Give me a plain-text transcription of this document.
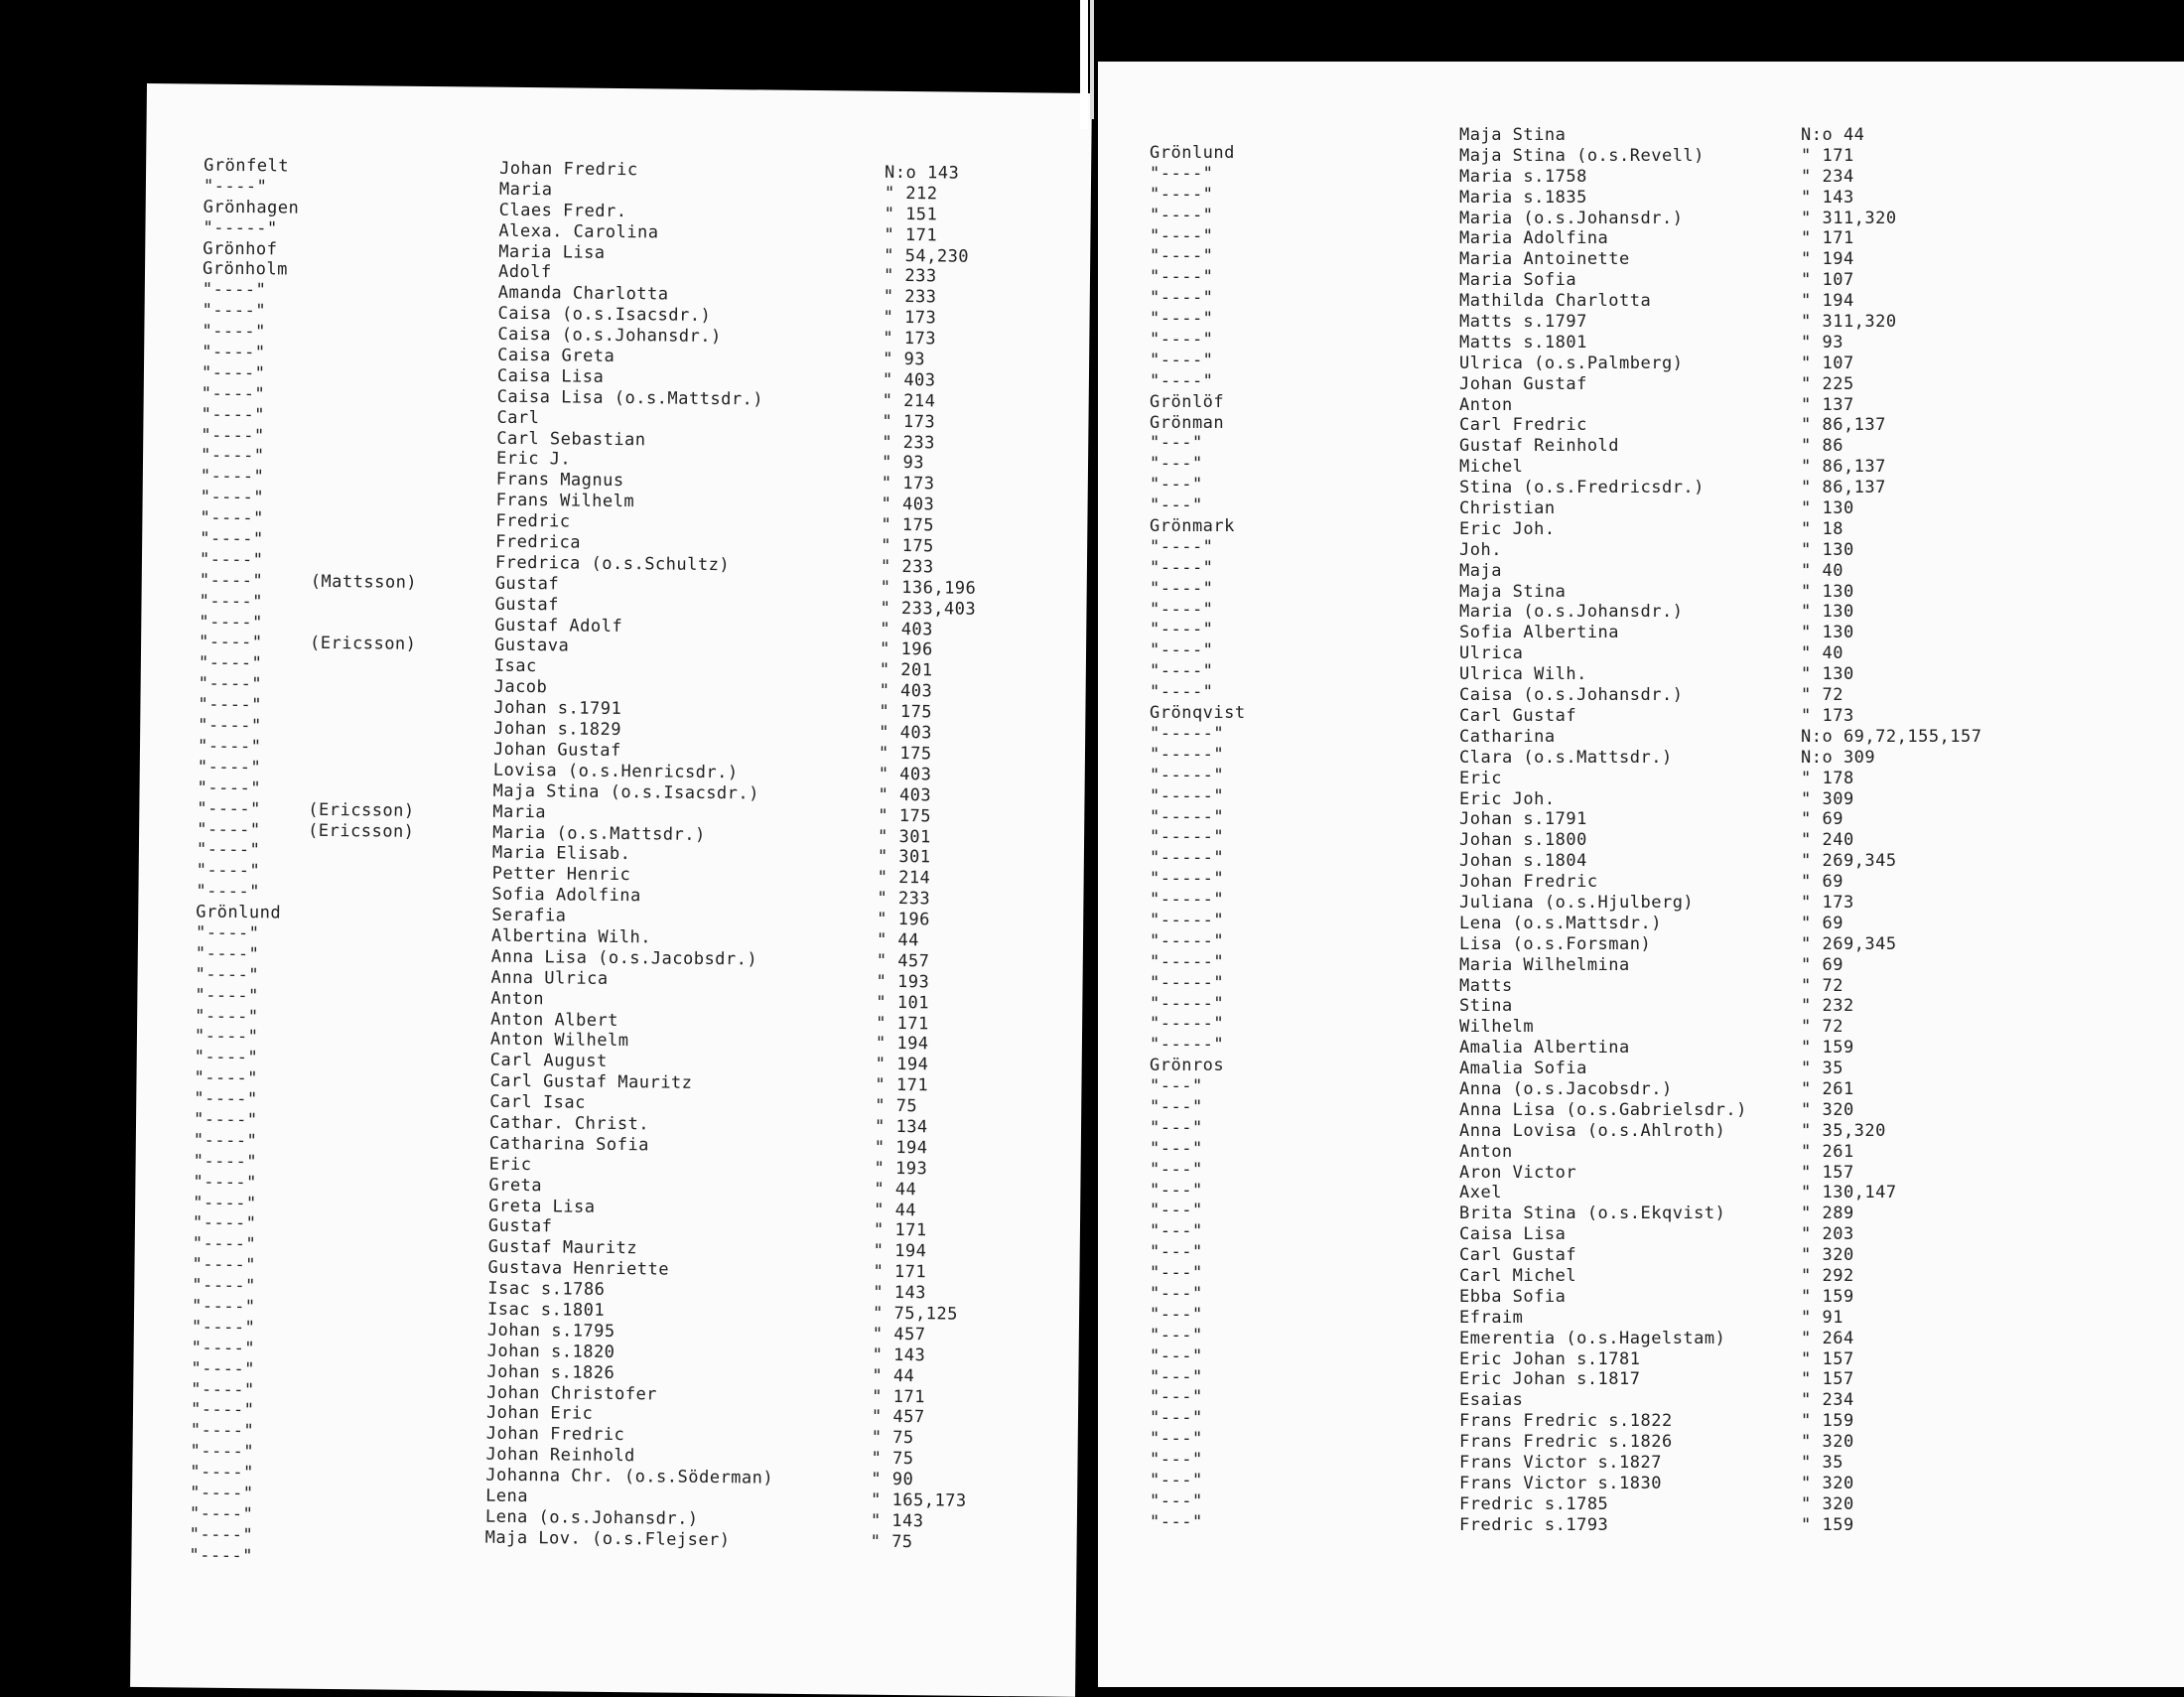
Grönfelt
"----"
Grönhagen
"-----"
Grönhof
Grönholm
"----"
"----"
"----"
"----"
"----"
"----"
"----"
"----"
"----"
"----"
"----"
"----"
"----"
"----"
"----"
"----"
"----"
"----"
"----"
"----"
"----"
"----"
"----"
"----"
"----"
"----"
"----"
"----"
"----"
"----"
Grönlund
"----"
"----"
"----"
"----"
"----"
"----"
"----"
"----"
"----"
"----"
"----"
"----"
"----"
"----"
"----"
"----"
"----"
"----"
"----"
"----"
"----"
"----"
"----"
"----"
"----"
"----"
"----"
"----"
"----"
"----"
"----"
(Mattsson)
(Ericsson)
(Ericsson)
(Ericsson)
Johan Fredric
Maria
Claes Fredr.
Alexa. Carolina
Maria Lisa
Adolf
Amanda Charlotta
Caisa (o.s.Isacsdr.)
Caisa (o.s.Johansdr.)
Caisa Greta
Caisa Lisa
Caisa Lisa (o.s.Mattsdr.)
Carl
Carl Sebastian
Eric J.
Frans Magnus
Frans Wilhelm
Fredric
Fredrica
Fredrica (o.s.Schultz)
Gustaf
Gustaf
Gustaf Adolf
Gustava
Isac
Jacob
Johan s.1791
Johan s.1829
Johan Gustaf
Lovisa (o.s.Henricsdr.)
Maja Stina (o.s.Isacsdr.)
Maria
Maria (o.s.Mattsdr.)
Maria Elisab.
Petter Henric
Sofia Adolfina
Serafia
Albertina Wilh.
Anna Lisa (o.s.Jacobsdr.)
Anna Ulrica
Anton
Anton Albert
Anton Wilhelm
Carl August
Carl Gustaf Mauritz
Carl Isac
Cathar. Christ.
Catharina Sofia
Eric
Greta
Greta Lisa
Gustaf
Gustaf Mauritz
Gustava Henriette
Isac s.1786
Isac s.1801
Johan s.1795
Johan s.1820
Johan s.1826
Johan Christofer
Johan Eric
Johan Fredric
Johan Reinhold
Johanna Chr. (o.s.Söderman)
Lena
Lena (o.s.Johansdr.)
Maja Lov. (o.s.Flejser)
N:o 143
" 212
" 151
" 171
" 54,230
" 233
" 233
" 173
" 173
" 93
" 403
" 214
" 173
" 233
" 93
" 173
" 403
" 175
" 175
" 233
" 136,196
" 233,403
" 403
" 196
" 201
" 403
" 175
" 403
" 175
" 403
" 403
" 175
" 301
" 301
" 214
" 233
" 196
" 44
" 457
" 193
" 101
" 171
" 194
" 194
" 171
" 75
" 134
" 194
" 193
" 44
" 44
" 171
" 194
" 171
" 143
" 75,125
" 457
" 143
" 44
" 171
" 457
" 75
" 75
" 90
" 165,173
" 143
" 75
Grönlund
"----"
"----"
"----"
"----"
"----"
"----"
"----"
"----"
"----"
"----"
"----"
Grönlöf
Grönman
"---"
"---"
"---"
"---"
Grönmark
"----"
"----"
"----"
"----"
"----"
"----"
"----"
"----"
Grönqvist
"-----"
"-----"
"-----"
"-----"
"-----"
"-----"
"-----"
"-----"
"-----"
"-----"
"-----"
"-----"
"-----"
"-----"
"-----"
"-----"
Grönros
"---"
"---"
"---"
"---"
"---"
"---"
"---"
"---"
"---"
"---"
"---"
"---"
"---"
"---"
"---"
"---"
"---"
"---"
"---"
"---"
"---"
"---"
Maja Stina
Maja Stina (o.s.Revell)
Maria s.1758
Maria s.1835
Maria (o.s.Johansdr.)
Maria Adolfina
Maria Antoinette
Maria Sofia
Mathilda Charlotta
Matts s.1797
Matts s.1801
Ulrica (o.s.Palmberg)
Johan Gustaf
Anton
Carl Fredric
Gustaf Reinhold
Michel
Stina (o.s.Fredricsdr.)
Christian
Eric Joh.
Joh.
Maja
Maja Stina
Maria (o.s.Johansdr.)
Sofia Albertina
Ulrica
Ulrica Wilh.
Caisa (o.s.Johansdr.)
Carl Gustaf
Catharina
Clara (o.s.Mattsdr.)
Eric
Eric Joh.
Johan s.1791
Johan s.1800
Johan s.1804
Johan Fredric
Juliana (o.s.Hjulberg)
Lena (o.s.Mattsdr.)
Lisa (o.s.Forsman)
Maria Wilhelmina
Matts
Stina
Wilhelm
Amalia Albertina
Amalia Sofia
Anna (o.s.Jacobsdr.)
Anna Lisa (o.s.Gabrielsdr.)
Anna Lovisa (o.s.Ahlroth)
Anton
Aron Victor
Axel
Brita Stina (o.s.Ekqvist)
Caisa Lisa
Carl Gustaf
Carl Michel
Ebba Sofia
Efraim
Emerentia (o.s.Hagelstam)
Eric Johan s.1781
Eric Johan s.1817
Esaias
Frans Fredric s.1822
Frans Fredric s.1826
Frans Victor s.1827
Frans Victor s.1830
Fredric s.1785
Fredric s.1793
N:o 44
" 171
" 234
" 143
" 311,320
" 171
" 194
" 107
" 194
" 311,320
" 93
" 107
" 225
" 137
" 86,137
" 86
" 86,137
" 86,137
" 130
" 18
" 130
" 40
" 130
" 130
" 130
" 40
" 130
" 72
" 173
N:o 69,72,155,157
N:o 309
" 178
" 309
" 69
" 240
" 269,345
" 69
" 173
" 69
" 269,345
" 69
" 72
" 232
" 72
" 159
" 35
" 261
" 320
" 35,320
" 261
" 157
" 130,147
" 289
" 203
" 320
" 292
" 159
" 91
" 264
" 157
" 157
" 234
" 159
" 320
" 35
" 320
" 320
" 159
